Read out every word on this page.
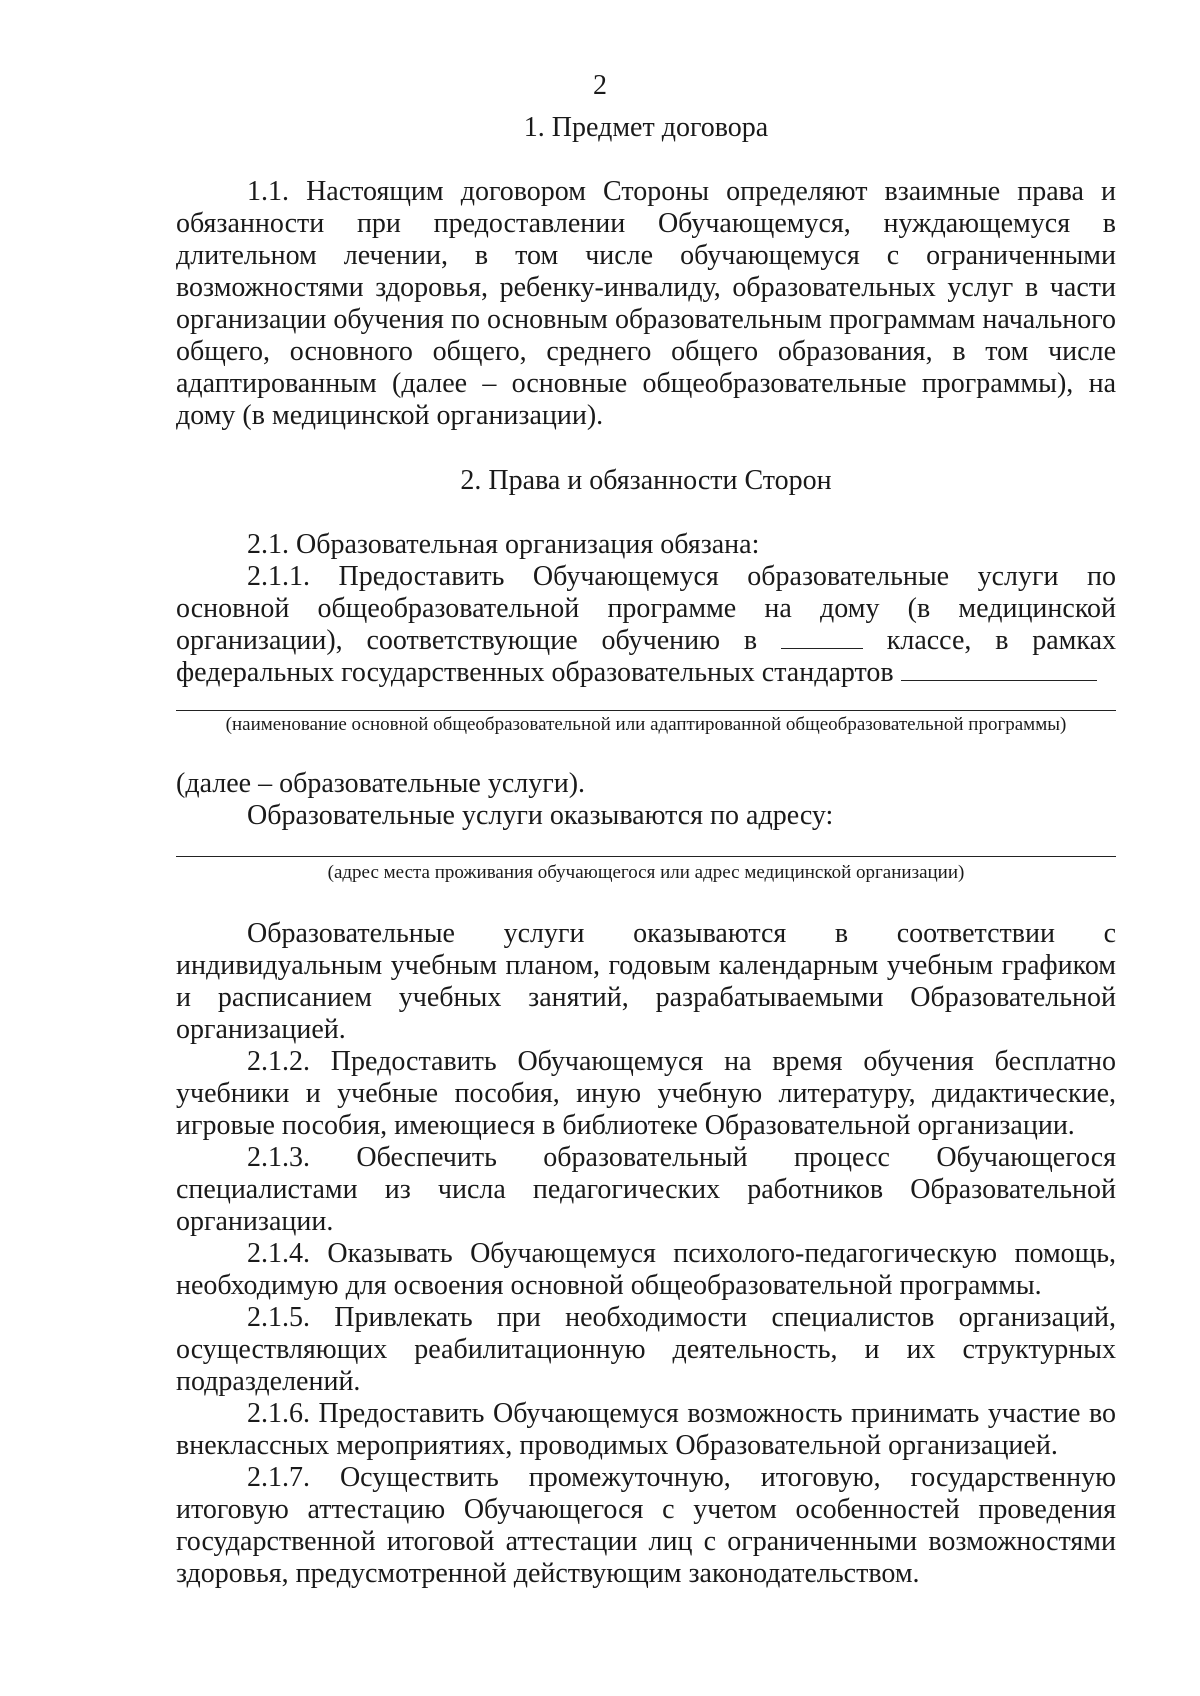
2
1. Предмет договора

1.1. Настоящим договором Стороны определяют взаимные права и обязанности при предоставлении Обучающемуся, нуждающемуся в длительном лечении, в том числе обучающемуся с ограниченными возможностями здоровья, ребенку-инвалиду, образовательных услуг в части организации обучения по основным образовательным программам начального общего, основного общего, среднего общего образования, в том числе адаптированным (далее – основные общеобразовательные программы), на дому (в медицинской организации).

2. Права и обязанности Сторон

2.1. Образовательная организация обязана:

2.1.1. Предоставить Обучающемуся образовательные услуги по основной общеобразовательной программе на дому (в медицинской организации), соответствующие обучению в	классе, в рамках федеральных государственных образовательных стандартов

(наименование основной общеобразовательной или адаптированной общеобразовательной программы)
(далее – образовательные услуги).
Образовательные услуги оказываются по адресу:
(адрес места проживания обучающегося или адрес медицинской организации)

Образовательные услуги оказываются в соответствии с индивидуальным учебным планом, годовым календарным учебным графиком и расписанием учебных занятий, разрабатываемыми Образовательной организацией.

2.1.2. Предоставить Обучающемуся на время обучения бесплатно учебники и учебные пособия, иную учебную литературу, дидактические, игровые пособия, имеющиеся в библиотеке Образовательной организации.

2.1.3. Обеспечить образовательный процесс Обучающегося специалистами из числа педагогических работников Образовательной организации.

2.1.4. Оказывать Обучающемуся психолого-педагогическую помощь, необходимую для освоения основной общеобразовательной программы.

2.1.5. Привлекать при необходимости специалистов организаций, осуществляющих реабилитационную деятельность, и их структурных подразделений.

2.1.6. Предоставить Обучающемуся возможность принимать участие во внеклассных мероприятиях, проводимых Образовательной организацией.

2.1.7. Осуществить промежуточную, итоговую, государственную итоговую аттестацию Обучающегося с учетом особенностей проведения государственной итоговой аттестации лиц с ограниченными возможностями здоровья, предусмотренной действующим законодательством.
